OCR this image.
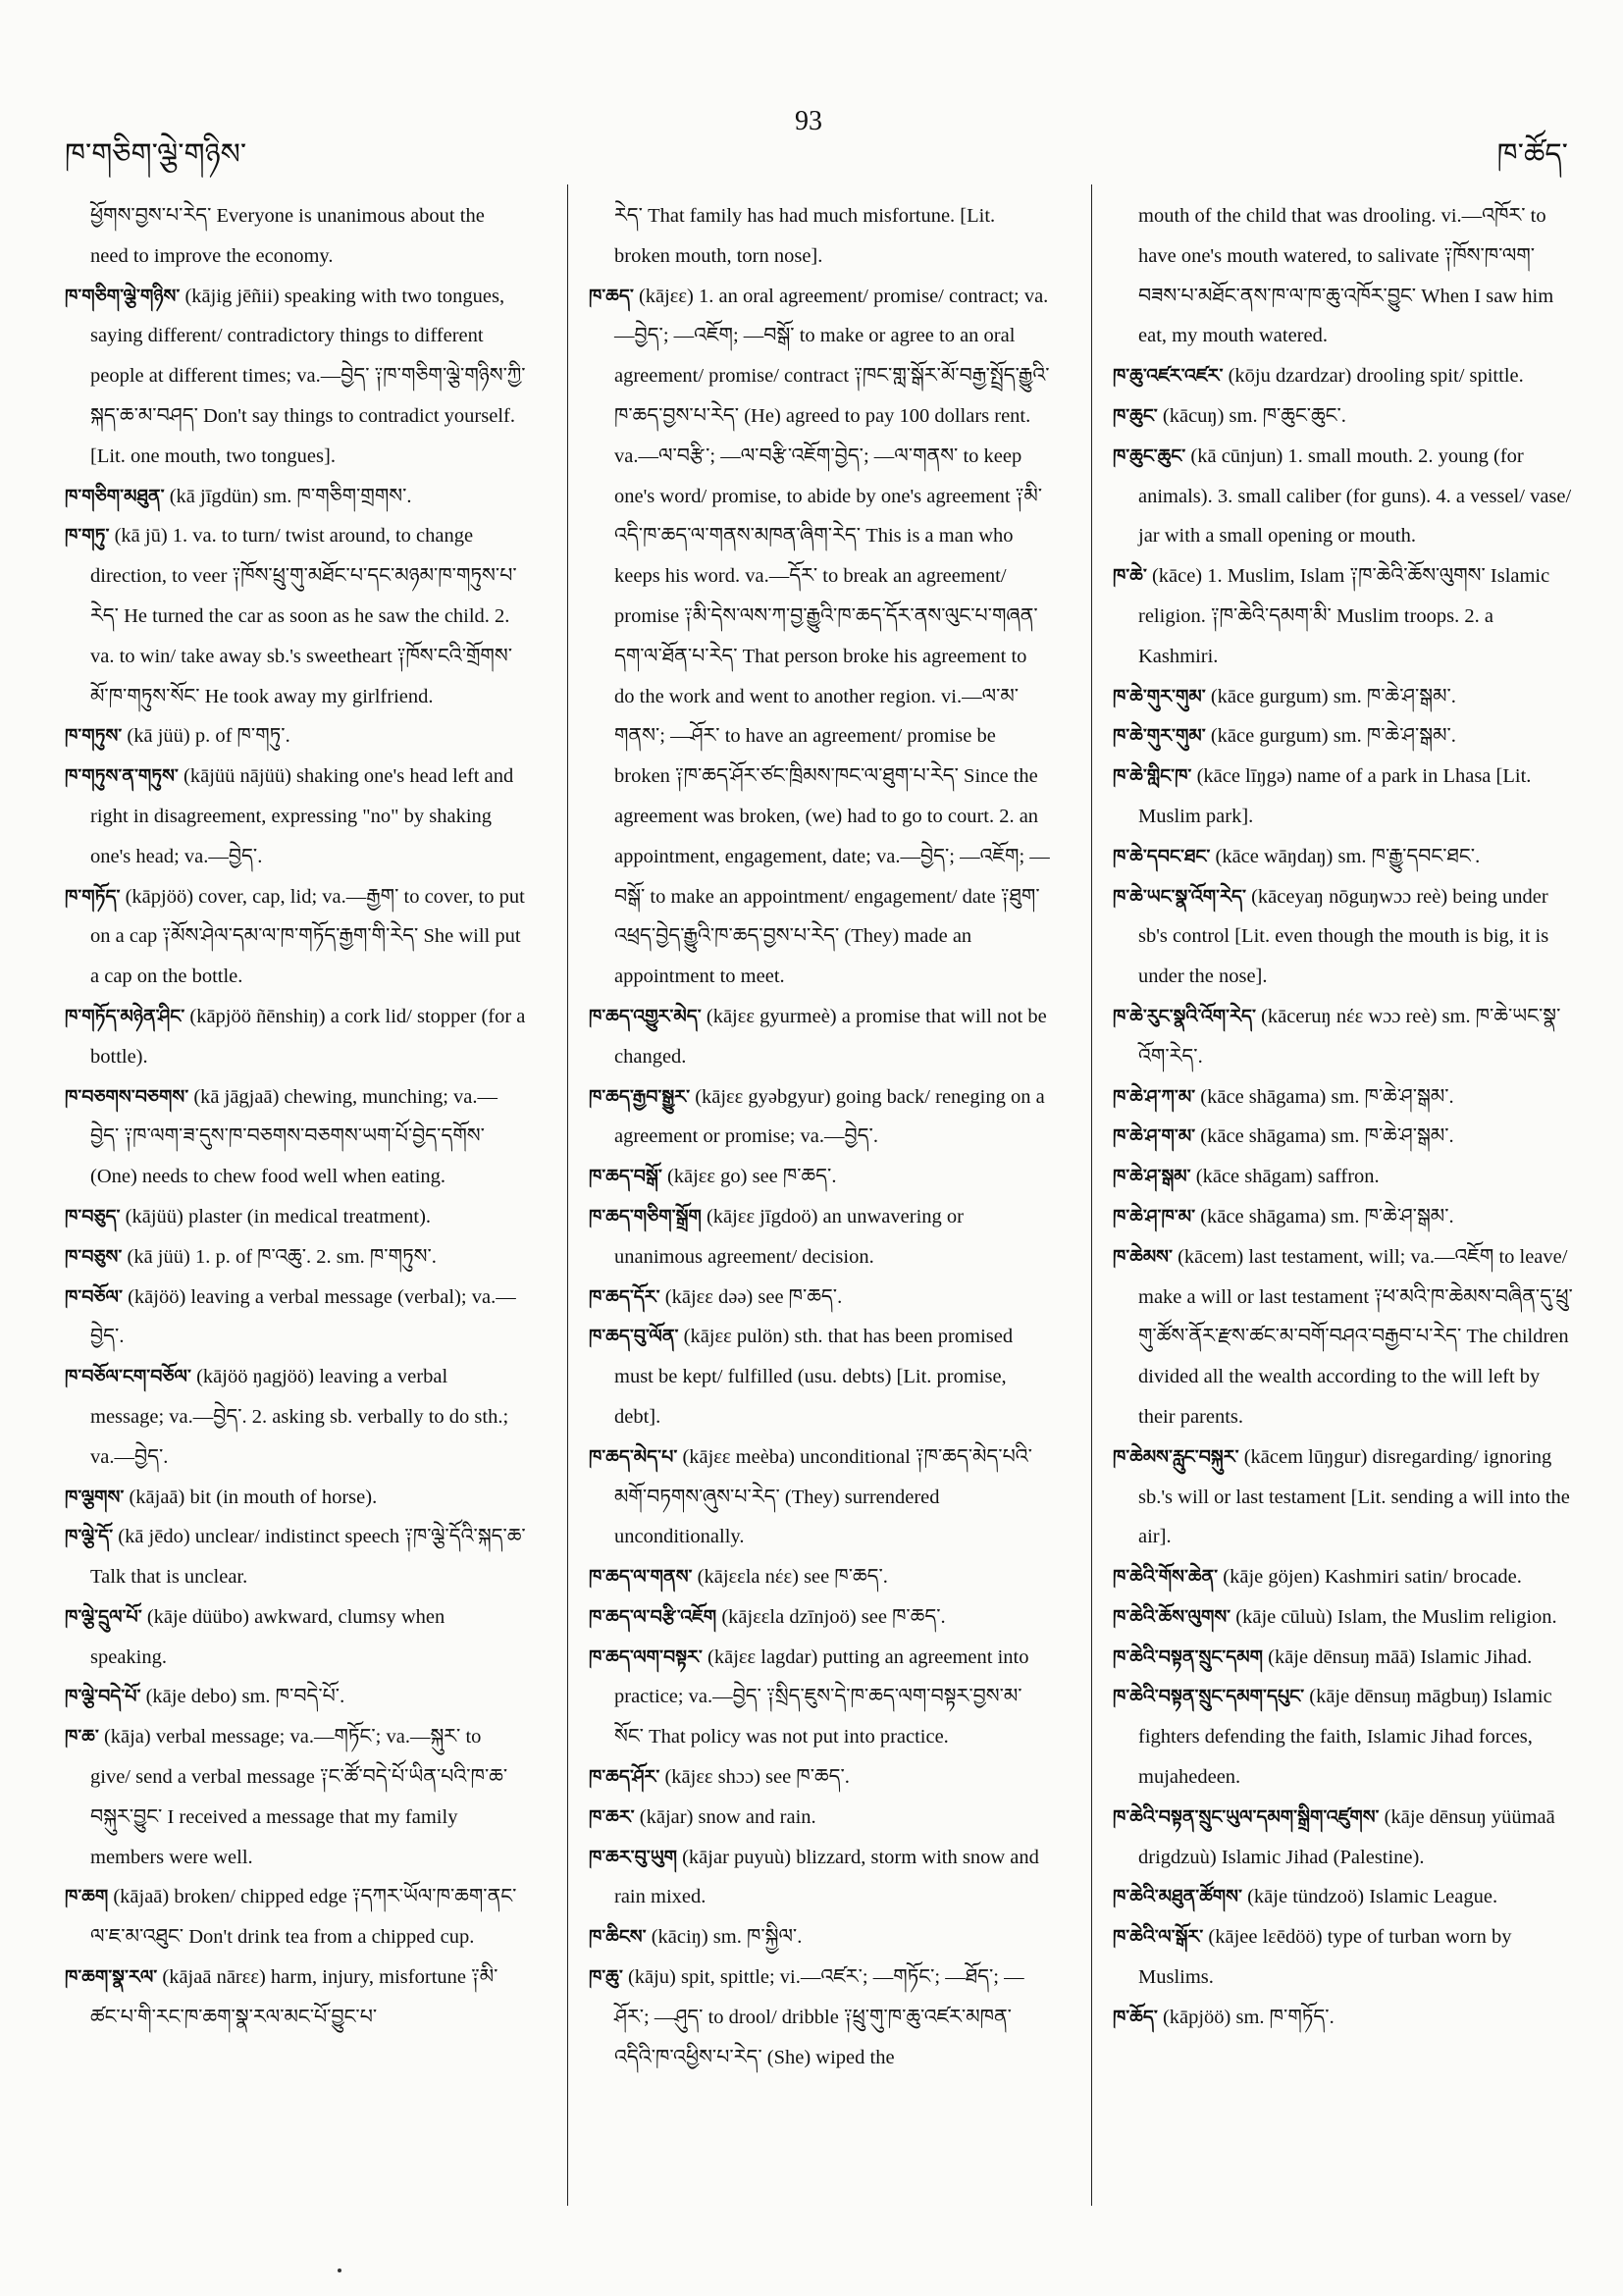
ཁ་གཅིག་ལྕེ་གཉིས་
93
ཁ་ཚོད་

ཕྱོགས་བྱས་པ་རེད་ Everyone is unanimous about the need to improve the economy.

ཁ་གཅིག་ལྕེ་གཉིས་ (kājig jēñii) speaking with two tongues, saying different/ contradictory things to different people at different times; va.—བྱེད་ ༑ཁ་གཅིག་ལྕེ་གཉིས་ཀྱི་སྐད་ཆ་མ་བཤད་ Don't say things to contradict yourself. [Lit. one mouth, two tongues].

ཁ་གཅིག་མཐུན་ (kā jīgdün) sm. ཁ་གཅིག་གྲགས་.

ཁ་གཏུ་ (kā jū) 1. va. to turn/ twist around, to change direction, to veer ༑ཁོས་ཕྲུ་གུ་མཐོང་པ་དང་མཉམ་ཁ་གཏུས་པ་རེད་ He turned the car as soon as he saw the child. 2. va. to win/ take away sb.'s sweetheart ༑ཁོས་ངའི་གྲོགས་མོ་ཁ་གཏུས་སོང་ He took away my girlfriend.

ཁ་གཏུས་ (kā jüü) p. of ཁ་གཏུ་.

ཁ་གཏུས་ན་གཏུས་ (kājüü nājüü) shaking one's head left and right in disagreement, expressing "no" by shaking one's head; va.—བྱེད་.

ཁ་གཏོད་ (kāpjöö) cover, cap, lid; va.—རྒྱག་ to cover, to put on a cap ༑མོས་ཤེལ་དམ་ལ་ཁ་གཏོད་རྒྱག་གི་རེད་ She will put a cap on the bottle.

ཁ་གཏོད་མཉེན་ཤིང་ (kāpjöö ñēnshiŋ) a cork lid/ stopper (for a bottle).

ཁ་བཅགས་བཅགས་ (kā jāgjaā) chewing, munching; va.—བྱེད་ ༑ཁ་ལག་ཟ་དུས་ཁ་བཅགས་བཅགས་ཡག་པོ་བྱེད་དགོས་ (One) needs to chew food well when eating.

ཁ་བཅུད་ (kājüü) plaster (in medical treatment).

ཁ་བཅུས་ (kā jüü) 1. p. of ཁ་འཆུ་. 2. sm. ཁ་གཏུས་.

ཁ་བཅོལ་ (kājöö) leaving a verbal message (verbal); va.—བྱེད་.

ཁ་བཅོལ་ངག་བཅོལ་ (kājöö ŋagjöö) leaving a verbal message; va.—བྱེད་. 2. asking sb. verbally to do sth.; va.—བྱེད་.

ཁ་ལྕགས་ (kājaā) bit (in mouth of horse).

ཁ་ལྕེ་དོ་ (kā jēdo) unclear/ indistinct speech ༑ཁ་ལྕེ་དོའི་སྐད་ཆ་ Talk that is unclear.

ཁ་ལྕེ་དྲུལ་པོ་ (kāje düübo) awkward, clumsy when speaking.

ཁ་ལྕེ་བདེ་པོ་ (kāje debo) sm. ཁ་བདེ་པོ་.

ཁ་ཆ་ (kāja) verbal message; va.—གཏོང་; va.—སྐུར་ to give/ send a verbal message ༑ང་ཚོ་བདེ་པོ་ཡིན་པའི་ཁ་ཆ་བསྐུར་བྱུང་ I received a message that my family members were well.

ཁ་ཆག (kājaā) broken/ chipped edge ༑དཀར་ཡོལ་ཁ་ཆག་ནང་ལ་ཇ་མ་འཐུང་ Don't drink tea from a chipped cup.

ཁ་ཆག་སྣ་རལ་ (kājaā nārεε) harm, injury, misfortune ༑མི་ཚང་པ་གི་རང་ཁ་ཆག་སྣ་རལ་མང་པོ་བྱུང་པ་

རེད་ That family has had much misfortune. [Lit. broken mouth, torn nose].

ཁ་ཆད་ (kājεε) 1. an oral agreement/ promise/ contract; va.—བྱེད་; —འཇོག; —བསྒོ་ to make or agree to an oral agreement/ promise/ contract ༑ཁང་གླ་སྒོར་མོ་བརྒྱ་སྤྲོད་རྒྱུའི་ཁ་ཆད་བྱས་པ་རེད་ (He) agreed to pay 100 dollars rent. va.—ལ་བརྩི་; —ལ་བརྩི་འཇོག་བྱེད་; —ལ་གནས་ to keep one's word/ promise, to abide by one's agreement ༑མི་འདི་ཁ་ཆད་ལ་གནས་མཁན་ཞིག་རེད་ This is a man who keeps his word. va.—དོར་ to break an agreement/ promise ༑མི་དེས་ལས་ཀ་བྱ་རྒྱུའི་ཁ་ཆད་དོར་ནས་ལུང་པ་གཞན་དག་ལ་ཐོན་པ་རེད་ That person broke his agreement to do the work and went to another region. vi.—ལ་མ་གནས་; —ཤོར་ to have an agreement/ promise be broken ༑ཁ་ཆད་ཤོར་ཙང་ཁྲིམས་ཁང་ལ་ཐུག་པ་རེད་ Since the agreement was broken, (we) had to go to court. 2. an appointment, engagement, date; va.—བྱེད་; —འཇོག; —བསྒོ་ to make an appointment/ engagement/ date ༑ཐུག་འཕྲད་བྱེད་རྒྱུའི་ཁ་ཆད་བྱས་པ་རེད་ (They) made an appointment to meet.

ཁ་ཆད་འགྱུར་མེད་ (kājεε gyurmeè) a promise that will not be changed.

ཁ་ཆད་རྒྱབ་སྒྱུར་ (kājεε gyəbgyur) going back/ reneging on a agreement or promise; va.—བྱེད་.

ཁ་ཆད་བསྒོ་ (kājεε go) see ཁ་ཆད་.

ཁ་ཆད་གཅིག་སྒྲོག (kājεε jīgdoö) an unwavering or unanimous agreement/ decision.

ཁ་ཆད་དོར་ (kājεε dəə) see ཁ་ཆད་.

ཁ་ཆད་བུ་ལོན་ (kājεε pulön) sth. that has been promised must be kept/ fulfilled (usu. debts) [Lit. promise, debt].

ཁ་ཆད་མེད་པ་ (kājεε meèba) unconditional ༑ཁ་ཆད་མེད་པའི་མགོ་བཏགས་ཞུས་པ་རེད་ (They) surrendered unconditionally.

ཁ་ཆད་ལ་གནས་ (kājεεla nέε) see ཁ་ཆད་.

ཁ་ཆད་ལ་བརྩི་འཇོག (kājεεla dzīnjoö) see ཁ་ཆད་.

ཁ་ཆད་ལག་བསྟར་ (kājεε lagdar) putting an agreement into practice; va.—བྱེད་ ༑སྲིད་ཇུས་དེ་ཁ་ཆད་ལག་བསྟར་བྱས་མ་སོང་ That policy was not put into practice.

ཁ་ཆད་ཤོར་ (kājεε shɔɔ) see ཁ་ཆད་.

ཁ་ཆར་ (kājar) snow and rain.

ཁ་ཆར་བུ་ཡུག (kājar puyuù) blizzard, storm with snow and rain mixed.

ཁ་ཆིངས་ (kāciŋ) sm. ཁ་སྐྱིལ་.

ཁ་ཆུ་ (kāju) spit, spittle; vi.—འཛར་; —གཏོང་; —ཐོད་; —ཤོར་; —ཤུད་ to drool/ dribble ༑ཕྲུ་གུ་ཁ་ཆུ་འཛར་མཁན་འདིའི་ཁ་འཕྱིས་པ་རེད་ (She) wiped the

mouth of the child that was drooling. vi.—འཁོར་ to have one's mouth watered, to salivate ༑ཁོས་ཁ་ལག་བཟས་པ་མཐོང་ནས་ཁ་ལ་ཁ་ཆུ་འཁོར་བྱུང་ When I saw him eat, my mouth watered.

ཁ་ཆུ་འཛར་འཛར་ (kōju dzardzar) drooling spit/ spittle.

ཁ་ཆུང་ (kācuŋ) sm. ཁ་ཆུང་ཆུང་.

ཁ་ཆུང་ཆུང་ (kā cūnjun) 1. small mouth. 2. young (for animals). 3. small caliber (for guns). 4. a vessel/ vase/ jar with a small opening or mouth.

ཁ་ཆེ་ (kāce) 1. Muslim, Islam ༑ཁ་ཆེའི་ཆོས་ལུགས་ Islamic religion. ༑ཁ་ཆེའི་དམག་མི་ Muslim troops. 2. a Kashmiri.

ཁ་ཆེ་གུར་གུམ་ (kāce gurgum) sm. ཁ་ཆེ་ཤ་སྒམ་.

ཁ་ཆེ་གུར་གུམ་ (kāce gurgum) sm. ཁ་ཆེ་ཤ་སྒམ་.

ཁ་ཆེ་གླིང་ཁ་ (kāce līŋgə) name of a park in Lhasa [Lit. Muslim park].

ཁ་ཆེ་དབང་ཐང་ (kāce wāŋdaŋ) sm. ཁ་རྒྱུ་དབང་ཐང་.

ཁ་ཆེ་ཡང་སྣ་འོག་རེད་ (kāceyaŋ nōguŋwɔɔ reè) being under sb's control [Lit. even though the mouth is big, it is under the nose].

ཁ་ཆེ་རུང་སྣའི་འོག་རེད་ (kāceruŋ nέε wɔɔ reè) sm. ཁ་ཆེ་ཡང་སྣ་འོག་རེད་.

ཁ་ཆེ་ཤ་ཀ་མ་ (kāce shāgama) sm. ཁ་ཆེ་ཤ་སྒམ་.

ཁ་ཆེ་ཤ་ག་མ་ (kāce shāgama) sm. ཁ་ཆེ་ཤ་སྒམ་.

ཁ་ཆེ་ཤ་སྒམ་ (kāce shāgam) saffron.

ཁ་ཆེ་ཤ་ཁ་མ་ (kāce shāgama) sm. ཁ་ཆེ་ཤ་སྒམ་.

ཁ་ཆེམས་ (kācem) last testament, will; va.—འཇོག to leave/ make a will or last testament ༑ཕ་མའི་ཁ་ཆེམས་བཞིན་དུ་ཕྲུ་གུ་ཚོས་ནོར་རྫས་ཚང་མ་བགོ་བཤའ་བརྒྱབ་པ་རེད་ The children divided all the wealth according to the will left by their parents.

ཁ་ཆེམས་རླུང་བསྐུར་ (kācem lūŋgur) disregarding/ ignoring sb.'s will or last testament [Lit. sending a will into the air].

ཁ་ཆེའི་གོས་ཆེན་ (kāje göjen) Kashmiri satin/ brocade.

ཁ་ཆེའི་ཆོས་ལུགས་ (kāje cūluù) Islam, the Muslim religion.

ཁ་ཆེའི་བསྟན་སྲུང་དམག (kāje dēnsuŋ māā) Islamic Jihad.

ཁ་ཆེའི་བསྟན་སྲུང་དམག་དཔུང་ (kāje dēnsuŋ māgbuŋ) Islamic fighters defending the faith, Islamic Jihad forces, mujahedeen.

ཁ་ཆེའི་བསྟན་སྲུང་ཡུལ་དམག་སྒྲིག་འཛུགས་ (kāje dēnsuŋ yüümaā drigdzuù) Islamic Jihad (Palestine).

ཁ་ཆེའི་མཐུན་ཚོགས་ (kāje tündzoö) Islamic League.

ཁ་ཆེའི་ལ་སྒོར་ (kājee lεēdöö) type of turban worn by Muslims.

ཁ་ཆོད་ (kāpjöö) sm. ཁ་གཏོད་.
